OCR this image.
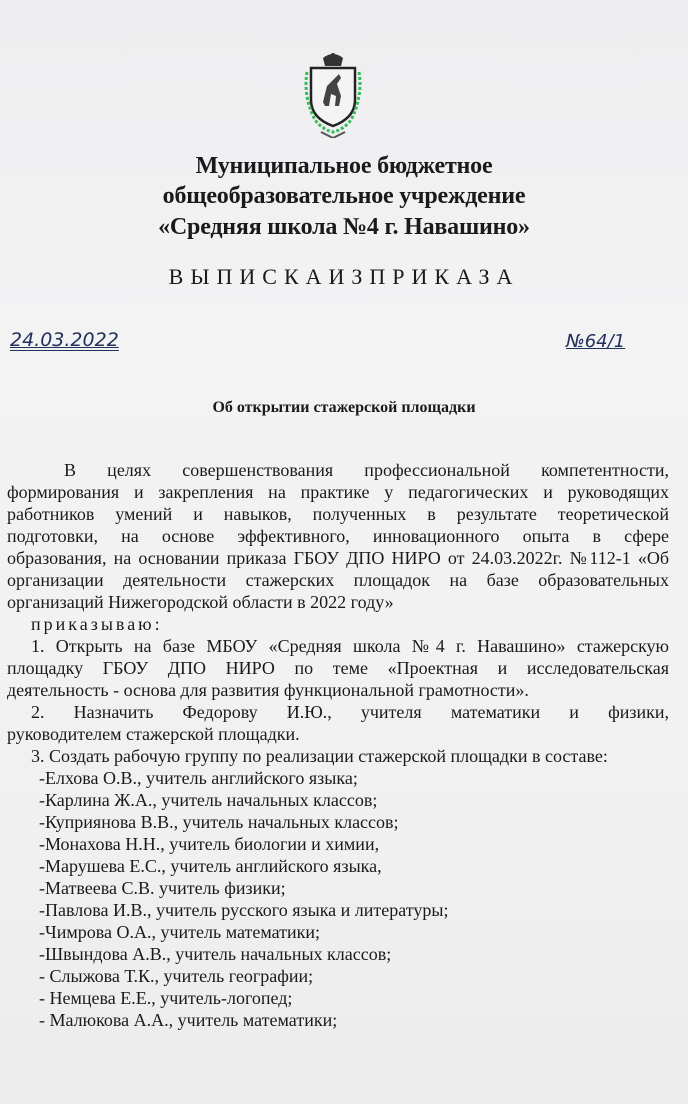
Муниципальное бюджетное
общеобразовательное учреждение
«Средняя школа №4 г. Навашино»
ВЫПИСКАИЗПРИКАЗА
24.03.2022	№64/1
Об открытии стажерской площадки

В целях совершенствования профессиональной компетентности,

формирования и закрепления на практике у педагогических и руководящих

работников умений и навыков, полученных в результате теоретической

подготовки, на основе эффективного, инновационного опыта в сфере

образования, на основании приказа ГБОУ ДПО НИРО от 24.03.2022г. №112-1 «Об

организации деятельности стажерских площадок на базе образовательных

организаций Нижегородской области в 2022 году»

приказываю:

1. Открыть на базе МБОУ «Средняя школа №4 г. Навашино» стажерскую

площадку ГБОУ ДПО НИРО по теме «Проектная и исследовательская

деятельность - основа для развития функциональной грамотности».

2. Назначить Федорову И.Ю., учителя математики и физики,

руководителем стажерской площадки.

3. Создать рабочую группу по реализации стажерской площадки в составе:

-Елхова О.В., учитель английского языка;
-Карлина Ж.А., учитель начальных классов;
-Куприянова В.В., учитель начальных классов;
-Монахова Н.Н., учитель биологии и химии,
-Марушева Е.С., учитель английского языка,
-Матвеева С.В. учитель физики;
-Павлова И.В., учитель русского языка и литературы;
-Чимрова О.А., учитель математики;
-Швындова А.В., учитель начальных классов;
- Слыжова Т.К., учитель географии;
- Немцева Е.Е., учитель-логопед;
- Малюкова А.А., учитель математики;
